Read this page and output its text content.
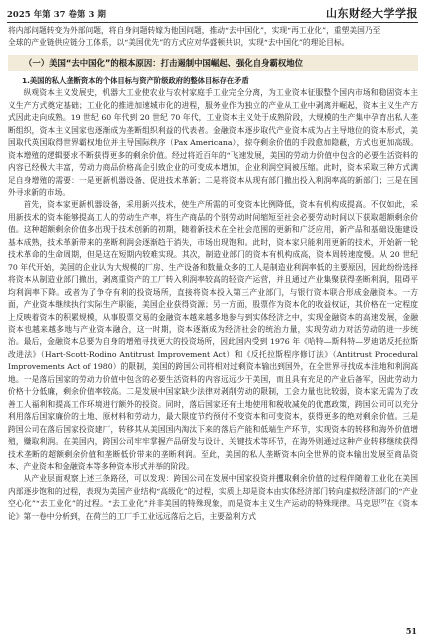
2025 年第 37 卷第 3 期	山东财经大学学报

将内部问题转变为外部问题，将自身问题转嫁为他国问题，推动“去中国化”，实现“再工业化”，重塑美国乃至

全球的产业链供应链分工体系，以“美国优先”的方式应对华盛顿共识，实现“去中国化”的理论目标。

（一）美国“去中国化”的根本原因：打击遏制中国崛起、强化自身霸权地位

1.美国的私人垄断资本的个体目标与资产阶级政府的整体目标存在矛盾

纵观资本主义发展史，机器大工业使农业与农村家庭手工业完全分离，为工业资本征服整个国内市场和稳固资本主义生产方式奠定基础；工业化的推进加速城市化的进程，服务业作为独立的产业从工业中剥离并崛起，资本主义生产方式因此走向成熟。19 世纪 60 年代到 20 世纪 70 年代，工业资本主义处于成熟阶段，大规模的生产集中孕育出私人垄断组织，资本主义国家也逐渐成为垄断组织利益的代表者。金融资本逐步取代产业资本成为占主导地位的资本形式，美国取代英国取得世界霸权地位并主导国际秩序（Pax Americana），掠夺剩余价值的手段愈加隐蔽，方式也更加高级。资本增殖的逻辑要求不断获得更多的剩余价值。经过将近百年的“飞速发展，美国的劳动力价值中包含的必要生活资料的内容已经极大丰富，劳动力商品价格高企引致企业的可变成本增加，企业利润空间被压缩。此时，资本采取三种方式满足自身增殖的需要：一是更新机器设备、促进技术革新；二是将资本从现有部门撤出投入利润率高的新部门；三是在国外寻求新的市场。

首先，资本家更新机器设备，采用新兴技术，使生产所需的可变资本比例降低，资本有机构成提高。不仅如此，采用新技术的资本能够提高工人的劳动生产率，将生产商品的个别劳动时间缩短至社会必要劳动时间以下获取超额剩余价值。这种超额剩余价值多出现于技术创新的初期，随着新技术在全社会范围的更新和广泛应用，新产品和基础设施建设基本成熟，技术革新带来的垄断利润会逐渐趋于消失，市场出现饱和。此时，资本家只能利用更新的技术，开始新一轮技术革命的生命周期，但是这在短期内较难实现。其次，制造业部门的资本有机构成高，资本周转速度慢。从 20 世纪 70 年代开始，美国的企业认为大规模的厂房、生产设备和数量众多的工人是制造业利润率低的主要原因，因此纷纷选择将资本从制造业部门撤出，剥离重资产的工厂转入利润率较高的轻资产运营，并且通过产业集聚获得垄断利润，阻碍平均利润率下降。或者为了争夺有利的投资场所，直接将资本投入第三产业部门，与银行资本联合形成金融资本。一方面，产业资本继续执行实际生产职能，美国企业获得资源；另一方面，股票作为资本化的收益权证，其价格在一定程度上反映着资本的积累规模，从事股票交易的金融资本越来越多地参与到实体经济之中，实现金融资本的高速发展，金融资本也越来越多地与产业资本融合，这一时期，资本逐渐成为经济社会的统治力量，实现劳动力对活劳动的进一步统治。最后，金融资本总要为自身的增殖寻找更大的投资场所，因此国内受到 1976 年《哈特—斯科特—罗迪诺反托拉斯改进法》（Hart-Scott-Rodino Antitrust Improvement Act）和《反托拉斯程序修订法》（Antitrust Procedural Improvements Act of 1980）的限制，美国的跨国公司将相对过剩资本输出到国外，在全世界寻找成本洼地和利润高地。一是落后国家的劳动力价值中包含的必要生活资料的内容远远少于美国，而且具有充足的产业后备军，因此劳动力价格十分低廉，剩余价值率较高。二是发展中国家缺少法律对剥削劳动的限制，工会力量也比较弱，资本家无需为了改善工人福利和提高工作环境进行额外的投资。同时，落后国家还有土地使用和税收减免的优惠政策，跨国公司可以充分利用落后国家廉价的土地、原材料和劳动力，最大限度节约预付不变资本和可变资本，获得更多的绝对剩余价值。三是跨国公司在落后国家投资建厂，转移其从美国国内淘汰下来的落后产能和低端生产环节，实现资本的转移和海外价值增殖，赚取利润。在美国内，跨国公司牢牢掌握产品研发与设计、关键技术等环节，在海外则通过这种产业转移继续获得技术垄断的超额剩余价值和垄断低价带来的垄断利润。至此，美国的私人垄断资本向全世界的资本输出发展至商品资本、产业资本和金融资本等多种资本形式并举的阶段。

从产业层面观察上述三条路径，可以发现：跨国公司在发展中国家投资并攫取剩余价值的过程伴随着工业化在美国内部逐步饱和的过程，表现为美国产业结构“高级化”的过程，实质上却是资本由实体经济部门转向虚拟经济部门的“产业空心化”“去工业化”的过程。“去工业化”并非美国的特殊现象，而是资本主义生产运动的特殊现律。马克思[9]在《资本论》第一卷中分析到，在荷兰的工厂手工业远远落后之后，主要盈利方式

51
